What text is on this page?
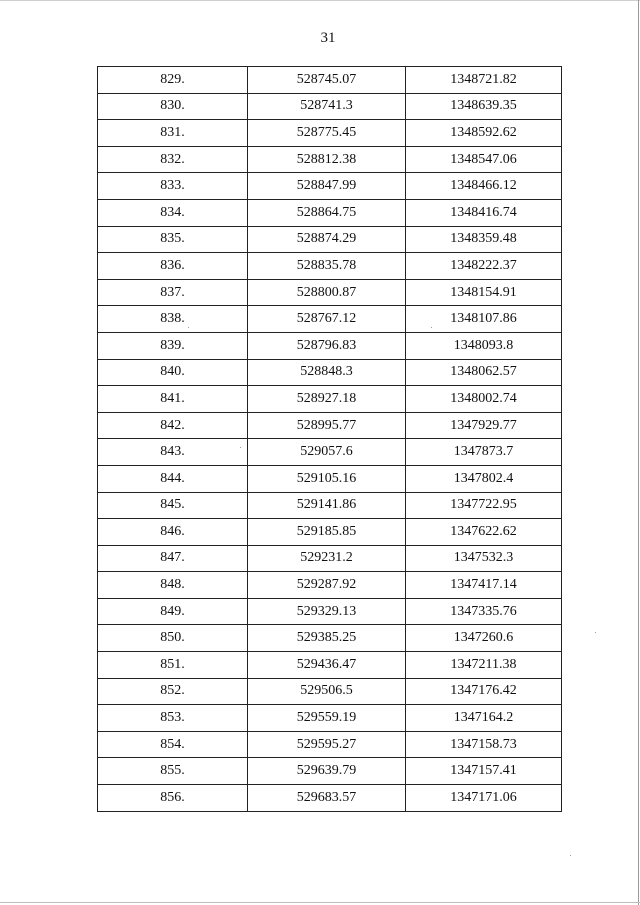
31
829.	528745.07	1348721.82
830.	528741.3	1348639.35
831.	528775.45	1348592.62
832.	528812.38	1348547.06
833.	528847.99	1348466.12
834.	528864.75	1348416.74
835.	528874.29	1348359.48
836.	528835.78	1348222.37
837.	528800.87	1348154.91
838.	528767.12	1348107.86
839.	528796.83	1348093.8
840.	528848.3	1348062.57
841.	528927.18	1348002.74
842.	528995.77	1347929.77
843.	529057.6	1347873.7
844.	529105.16	1347802.4
845.	529141.86	1347722.95
846.	529185.85	1347622.62
847.	529231.2	1347532.3
848.	529287.92	1347417.14
849.	529329.13	1347335.76
850.	529385.25	1347260.6
851.	529436.47	1347211.38
852.	529506.5	1347176.42
853.	529559.19	1347164.2
854.	529595.27	1347158.73
855.	529639.79	1347157.41
856.	529683.57	1347171.06
